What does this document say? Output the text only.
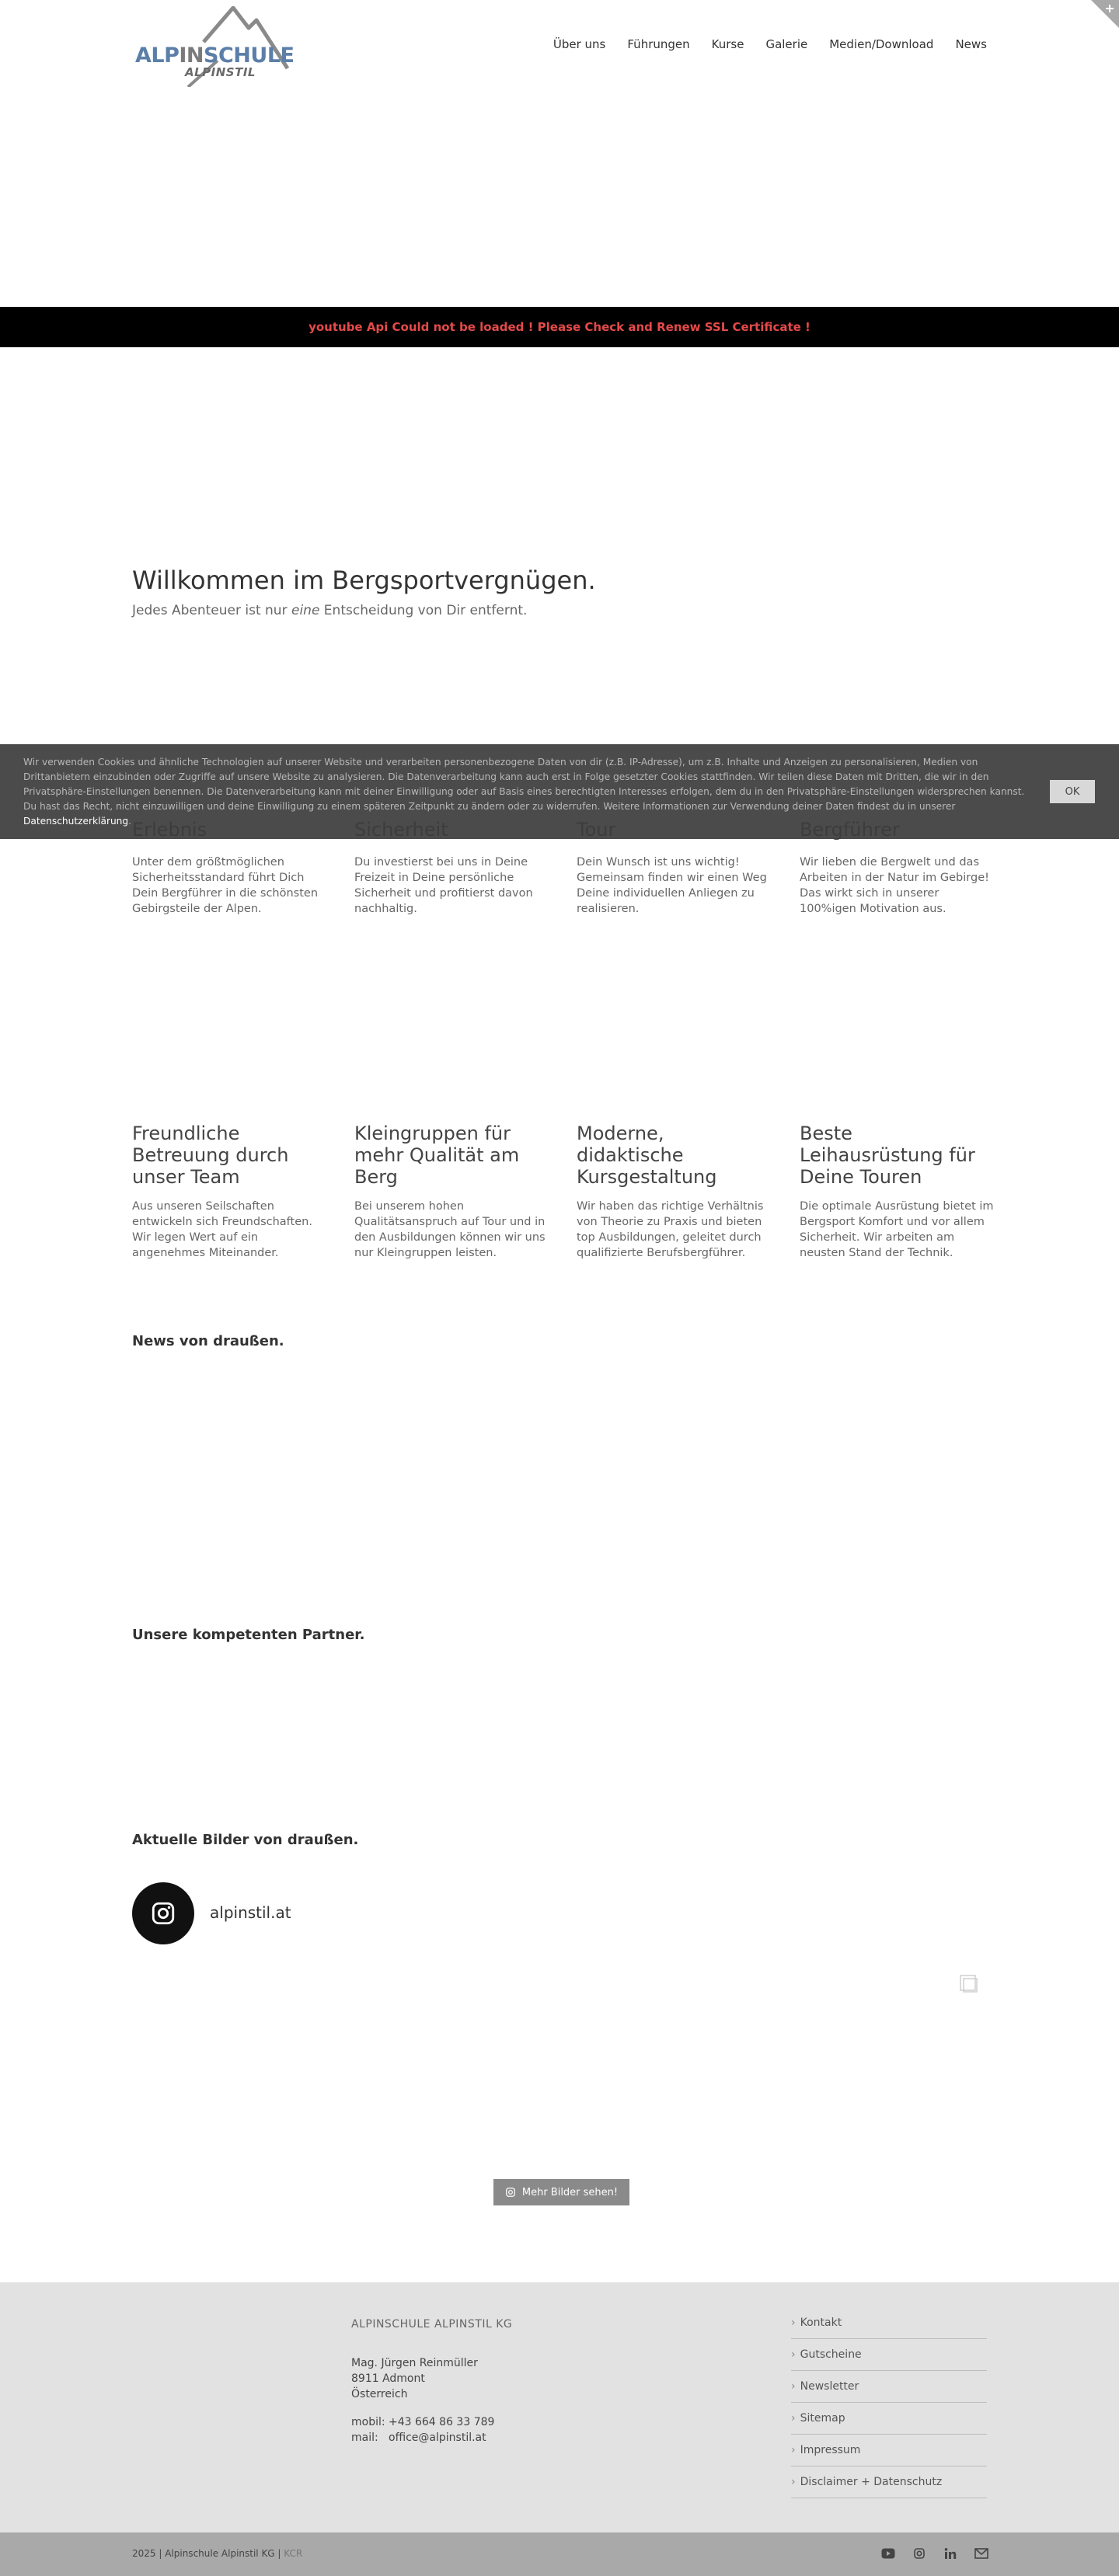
ALPINSCHULE
ALPINSTIL
Über uns Führungen Kurse Galerie Medien/Download News
youtube Api Could not be loaded ! Please Check and Renew SSL Certificate !
Willkommen im Bergsportvergnügen.

Jedes Abenteuer ist nur eine Entscheidung von Dir entfernt.

Wir verwenden Cookies und ähnliche Technologien auf unserer Website und verarbeiten personenbezogene Daten von dir (z.B. IP-Adresse), um z.B. Inhalte und Anzeigen zu personalisieren, Medien von Drittanbietern einzubinden oder Zugriffe auf unsere Website zu analysieren. Die Datenverarbeitung kann auch erst in Folge gesetzter Cookies stattfinden. Wir teilen diese Daten mit Dritten, die wir in den Privatsphäre-Einstellungen benennen. Die Datenverarbeitung kann mit deiner Einwilligung oder auf Basis eines berechtigten Interesses erfolgen, dem du in den Privatsphäre-Einstellungen widersprechen kannst. Du hast das Recht, nicht einzuwilligen und deine Einwilligung zu einem späteren Zeitpunkt zu ändern oder zu widerrufen. Weitere Informationen zur Verwendung deiner Daten findest du in unserer Datenschutzerklärung.

OK

Unter dem größtmöglichen Sicherheitsstandard führt Dich Dein Bergführer in die schönsten Gebirgsteile der Alpen.

Du investierst bei uns in Deine Freizeit in Deine persönliche Sicherheit und profitierst davon nachhaltig.

Dein Wunsch ist uns wichtig! Gemeinsam finden wir einen Weg Deine individuellen Anliegen zu realisieren.

Wir lieben die Bergwelt und das Arbeiten in der Natur im Gebirge! Das wirkt sich in unserer 100%igen Motivation aus.

Freundliche Betreuung durch unser Team

Aus unseren Seilschaften entwickeln sich Freundschaften. Wir legen Wert auf ein angenehmes Miteinander.

Kleingruppen für mehr Qualität am Berg

Bei unserem hohen Qualitätsanspruch auf Tour und in den Ausbildungen können wir uns nur Kleingruppen leisten.

Moderne, didaktische Kursgestaltung

Wir haben das richtige Verhältnis von Theorie zu Praxis und bieten top Ausbildungen, geleitet durch qualifizierte Berufsbergführer.

Beste Leihausrüstung für Deine Touren

Die optimale Ausrüstung bietet im Bergsport Komfort und vor allem Sicherheit. Wir arbeiten am neusten Stand der Technik.

News von draußen.
Unsere kompetenten Partner.
Aktuelle Bilder von draußen.
alpinstil.at
Mehr Bilder sehen!
ALPINSCHULE ALPINSTIL KG
Mag. Jürgen Reinmüller
8911 Admont
Österreich
mobil: +43 664 86 33 789
mail: office@alpinstil.at
› Kontakt
› Gutscheine
› Newsletter
› Sitemap
› Impressum
› Disclaimer + Datenschutz
2025 | Alpinschule Alpinstil KG | KCR
